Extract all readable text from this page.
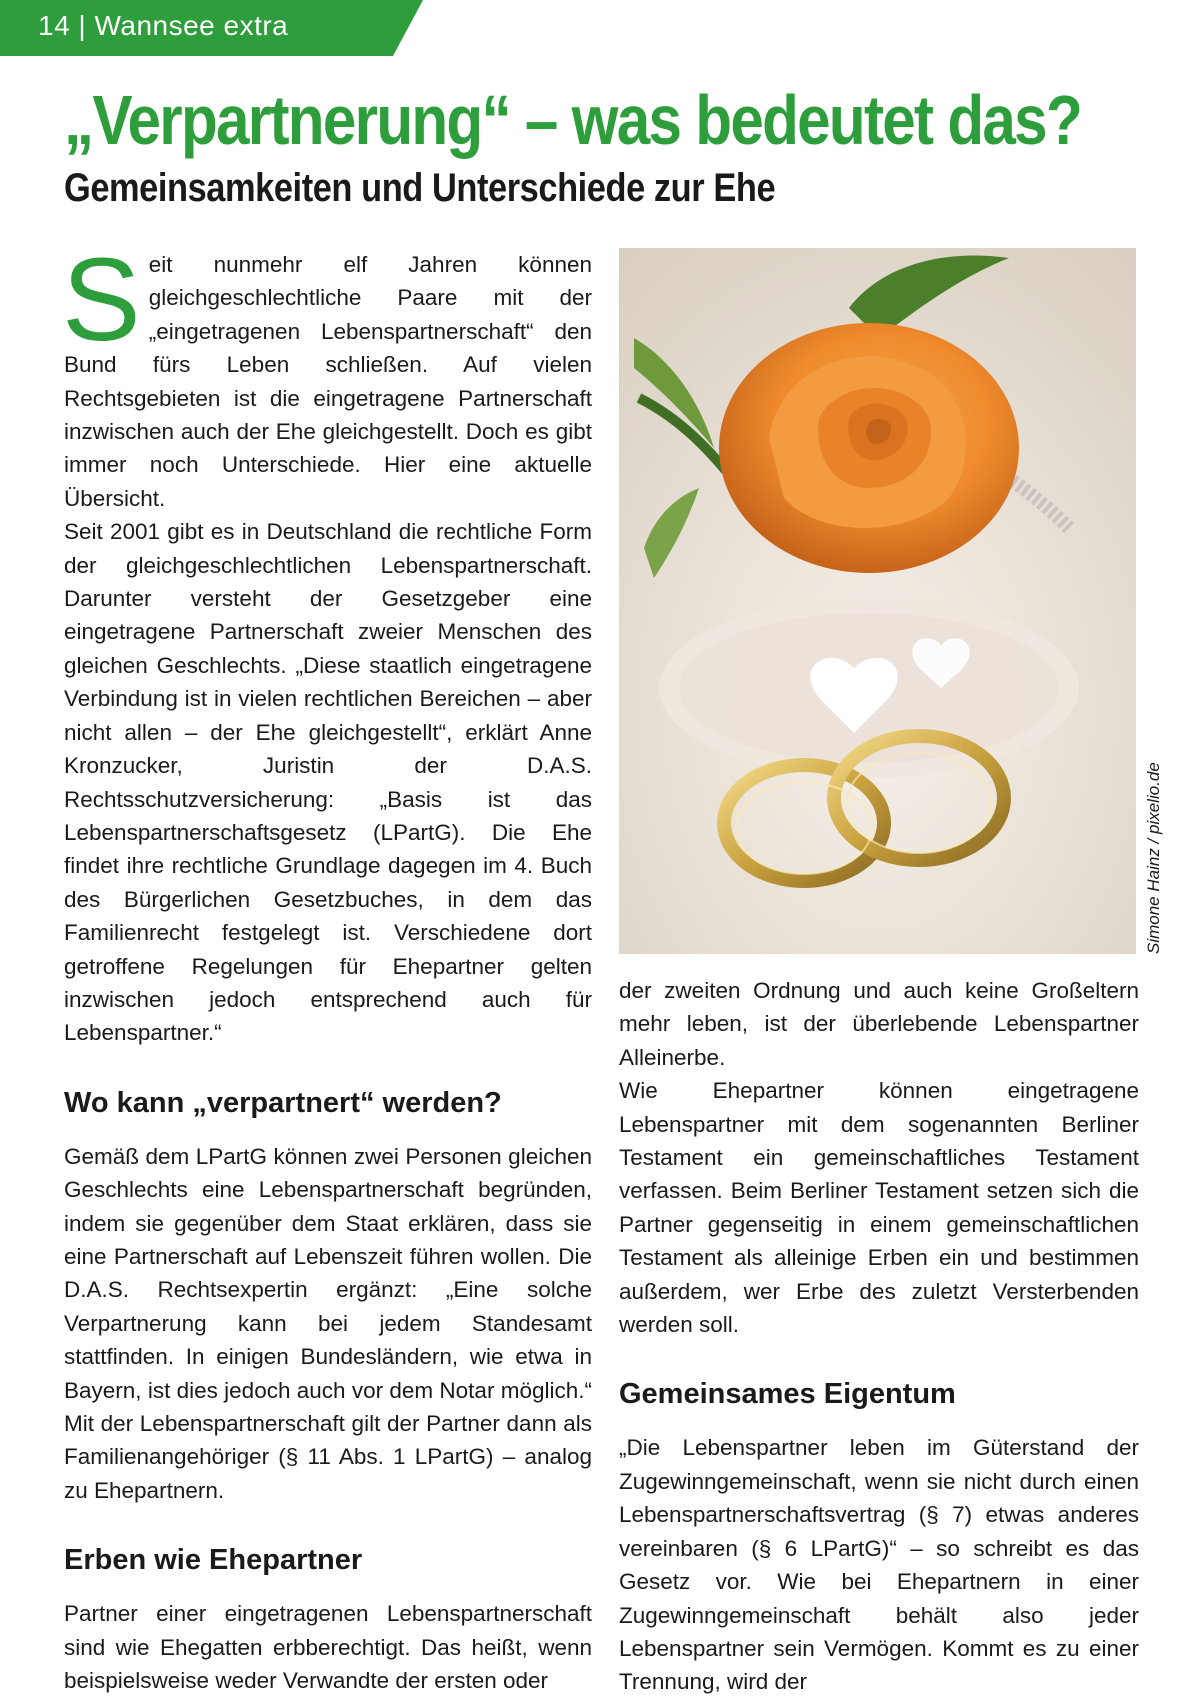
14 | Wannsee extra
„Verpartnerung“ – was bedeutet das?
Gemeinsamkeiten und Unterschiede zur Ehe

Seit nunmehr elf Jahren können gleichgeschlechtliche Paare mit der „eingetragenen Lebenspartnerschaft“ den Bund fürs Leben schließen. Auf vielen Rechtsgebieten ist die eingetragene Partnerschaft inzwischen auch der Ehe gleichgestellt. Doch es gibt immer noch Unterschiede. Hier eine aktuelle Übersicht.

Seit 2001 gibt es in Deutschland die rechtliche Form der gleichgeschlechtlichen Lebenspartnerschaft. Darunter versteht der Gesetzgeber eine eingetragene Partnerschaft zweier Menschen des gleichen Geschlechts. „Diese staatlich eingetragene Verbindung ist in vielen rechtlichen Bereichen – aber nicht allen – der Ehe gleichgestellt“, erklärt Anne Kronzucker, Juristin der D.A.S. Rechtsschutzversicherung: „Basis ist das Lebenspartnerschaftsgesetz (LPartG). Die Ehe findet ihre rechtliche Grundlage dagegen im 4. Buch des Bürgerlichen Gesetzbuches, in dem das Familienrecht festgelegt ist. Verschiedene dort getroffene Regelungen für Ehepartner gelten inzwischen jedoch entsprechend auch für Lebenspartner.“

Wo kann „verpartnert“ werden?

Gemäß dem LPartG können zwei Personen gleichen Geschlechts eine Lebenspartnerschaft begründen, indem sie gegenüber dem Staat erklären, dass sie eine Partnerschaft auf Lebenszeit führen wollen. Die D.A.S. Rechtsexpertin ergänzt: „Eine solche Verpartnerung kann bei jedem Standesamt stattfinden. In einigen Bundesländern, wie etwa in Bayern, ist dies jedoch auch vor dem Notar möglich.“ Mit der Lebenspartnerschaft gilt der Partner dann als Familienangehöriger (§ 11 Abs. 1 LPartG) – analog zu Ehepartnern.

Erben wie Ehepartner

Partner einer eingetragenen Lebenspartnerschaft sind wie Ehegatten erbberechtigt. Das heißt, wenn beispielsweise weder Verwandte der ersten oder

Simone Hainz / pixelio.de

der zweiten Ordnung und auch keine Großeltern mehr leben, ist der überlebende Lebenspartner Alleinerbe.

Wie Ehepartner können eingetragene Lebenspartner mit dem sogenannten Berliner Testament ein gemeinschaftliches Testament verfassen. Beim Berliner Testament setzen sich die Partner gegenseitig in einem gemeinschaftlichen Testament als alleinige Erben ein und bestimmen außerdem, wer Erbe des zuletzt Versterbenden werden soll.

Gemeinsames Eigentum

„Die Lebenspartner leben im Güterstand der Zugewinngemeinschaft, wenn sie nicht durch einen Lebenspartnerschaftsvertrag (§ 7) etwas anderes vereinbaren (§ 6 LPartG)“ – so schreibt es das Gesetz vor. Wie bei Ehepartnern in einer Zugewinngemeinschaft behält also jeder Lebenspartner sein Vermögen. Kommt es zu einer Trennung, wird der
